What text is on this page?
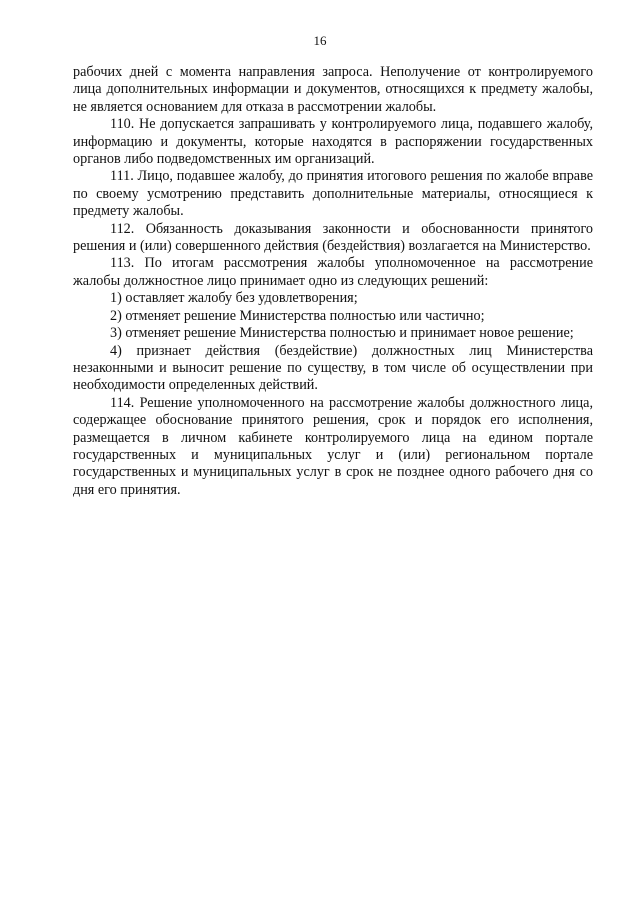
16

рабочих дней с момента направления запроса. Неполучение от контролируемого лица дополнительных информации и документов, относящихся к предмету жалобы, не является основанием для отказа в рассмотрении жалобы.

110. Не допускается запрашивать у контролируемого лица, подавшего жалобу, информацию и документы, которые находятся в распоряжении государственных органов либо подведомственных им организаций.

111. Лицо, подавшее жалобу, до принятия итогового решения по жалобе вправе по своему усмотрению представить дополнительные материалы, относящиеся к предмету жалобы.

112. Обязанность доказывания законности и обоснованности принятого решения и (или) совершенного действия (бездействия) возлагается на Министерство.

113. По итогам рассмотрения жалобы уполномоченное на рассмотрение жалобы должностное лицо принимает одно из следующих решений:

1) оставляет жалобу без удовлетворения;

2) отменяет решение Министерства полностью или частично;

3) отменяет решение Министерства полностью и принимает новое решение;

4) признает действия (бездействие) должностных лиц Министерства незаконными и выносит решение по существу, в том числе об осуществлении при необходимости определенных действий.

114. Решение уполномоченного на рассмотрение жалобы должностного лица, содержащее обоснование принятого решения, срок и порядок его исполнения, размещается в личном кабинете контролируемого лица на едином портале государственных и муниципальных услуг и (или) региональном портале государственных и муниципальных услуг в срок не позднее одного рабочего дня со дня его принятия.
